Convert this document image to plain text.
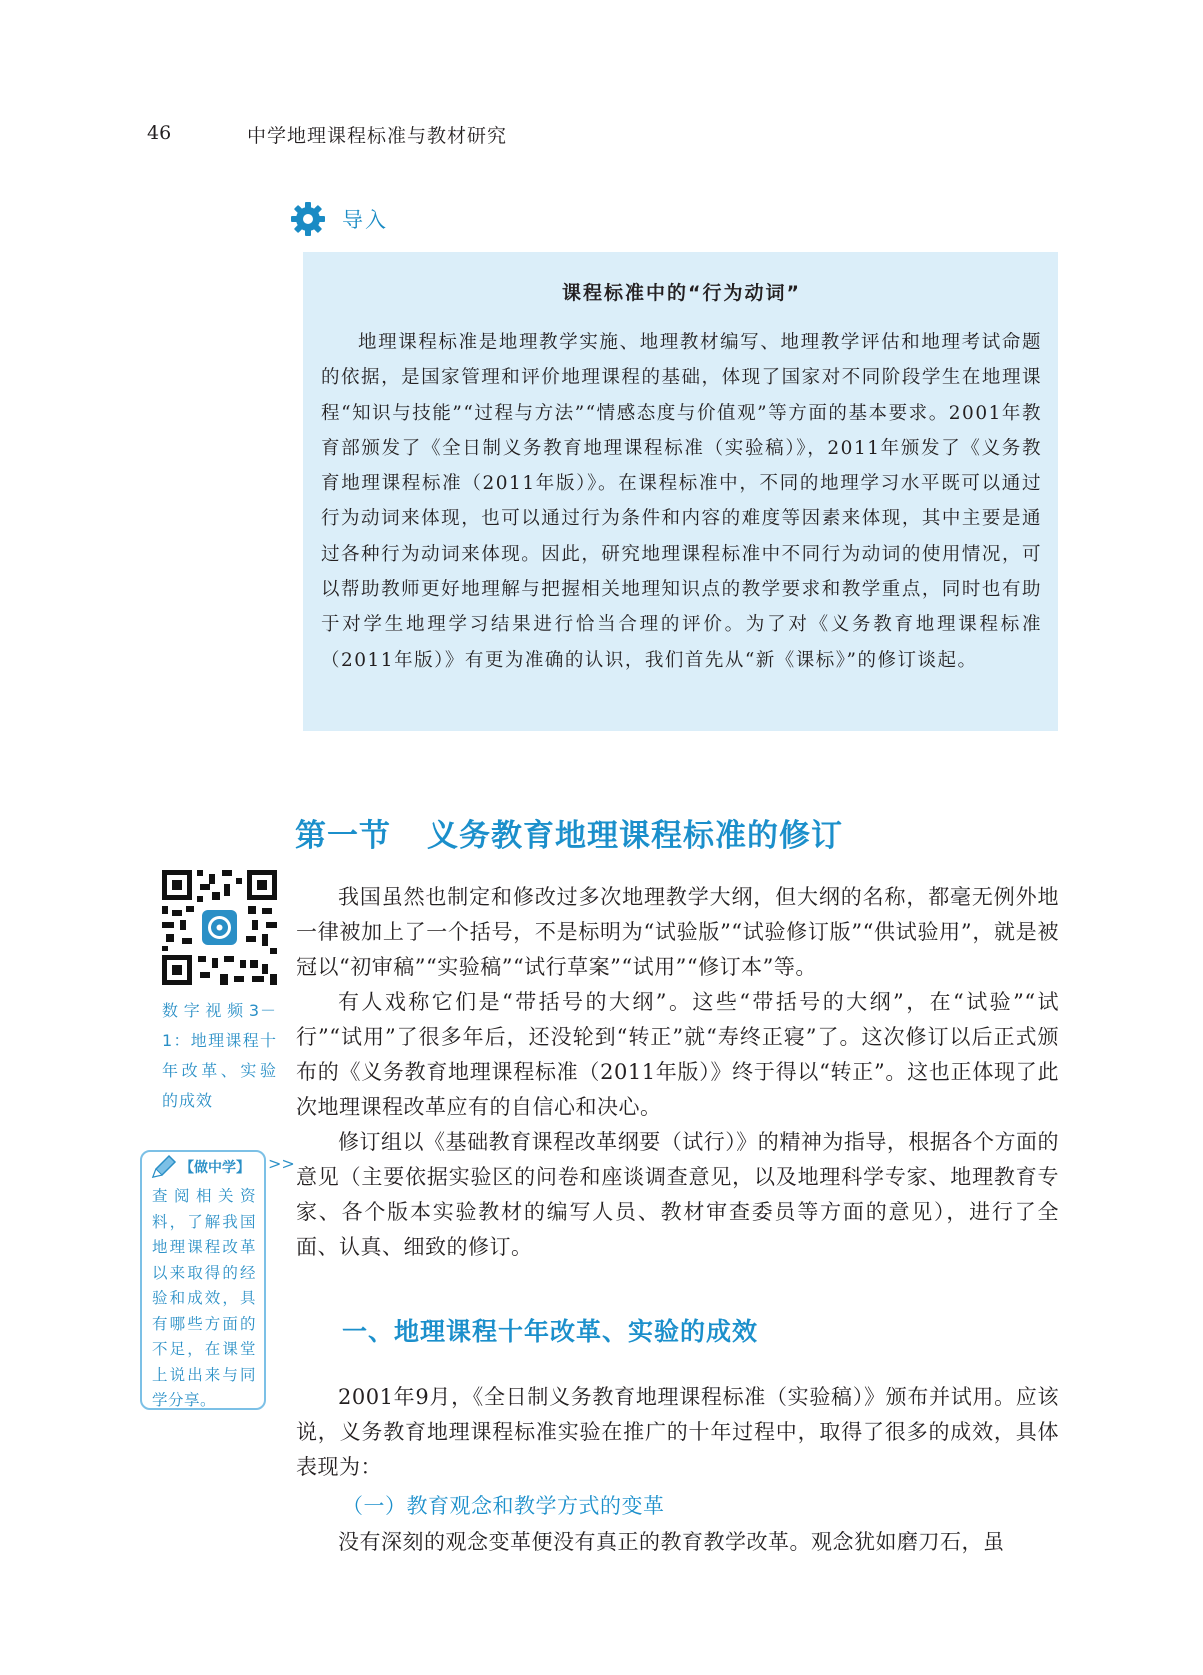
46	中学地理课程标准与教材研究
导入
课程标准中的“行为动词”

地理课程标准是地理教学实施、地理教材编写、地理教学评估和地理考试命题的依据，是国家管理和评价地理课程的基础，体现了国家对不同阶段学生在地理课程“知识与技能”“过程与方法”“情感态度与价值观”等方面的基本要求。2001年教育部颁发了《全日制义务教育地理课程标准（实验稿）》，2011年颁发了《义务教育地理课程标准（2011年版）》。在课程标准中，不同的地理学习水平既可以通过行为动词来体现，也可以通过行为条件和内容的难度等因素来体现，其中主要是通过各种行为动词来体现。因此，研究地理课程标准中不同行为动词的使用情况，可以帮助教师更好地理解与把握相关地理知识点的教学要求和教学重点，同时也有助于对学生地理学习结果进行恰当合理的评价。为了对《义务教育地理课程标准（2011年版）》有更为准确的认识，我们首先从“新《课标》”的修订谈起。

第一节 义务教育地理课程标准的修订
数字视频3－1：地理课程十年改革、实验的成效
【做中学】 >>
查阅相关资料，了解我国地理课程改革以来取得的经验和成效，具有哪些方面的不足，在课堂上说出来与同学分享。

我国虽然也制定和修改过多次地理教学大纲，但大纲的名称，都毫无例外地一律被加上了一个括号，不是标明为“试验版”“试验修订版”“供试验用”，就是被冠以“初审稿”“实验稿”“试行草案”“试用”“修订本”等。

有人戏称它们是“带括号的大纲”。这些“带括号的大纲”，在“试验”“试行”“试用”了很多年后，还没轮到“转正”就“寿终正寝”了。这次修订以后正式颁布的《义务教育地理课程标准（2011年版）》终于得以“转正”。这也正体现了此次地理课程改革应有的自信心和决心。

修订组以《基础教育课程改革纲要（试行）》的精神为指导，根据各个方面的意见（主要依据实验区的问卷和座谈调查意见，以及地理科学专家、地理教育专家、各个版本实验教材的编写人员、教材审查委员等方面的意见），进行了全面、认真、细致的修订。

一、地理课程十年改革、实验的成效

2001年9月，《全日制义务教育地理课程标准（实验稿）》颁布并试用。应该说，义务教育地理课程标准实验在推广的十年过程中，取得了很多的成效，具体表现为：

（一）教育观念和教学方式的变革

没有深刻的观念变革便没有真正的教育教学改革。观念犹如磨刀石，虽
